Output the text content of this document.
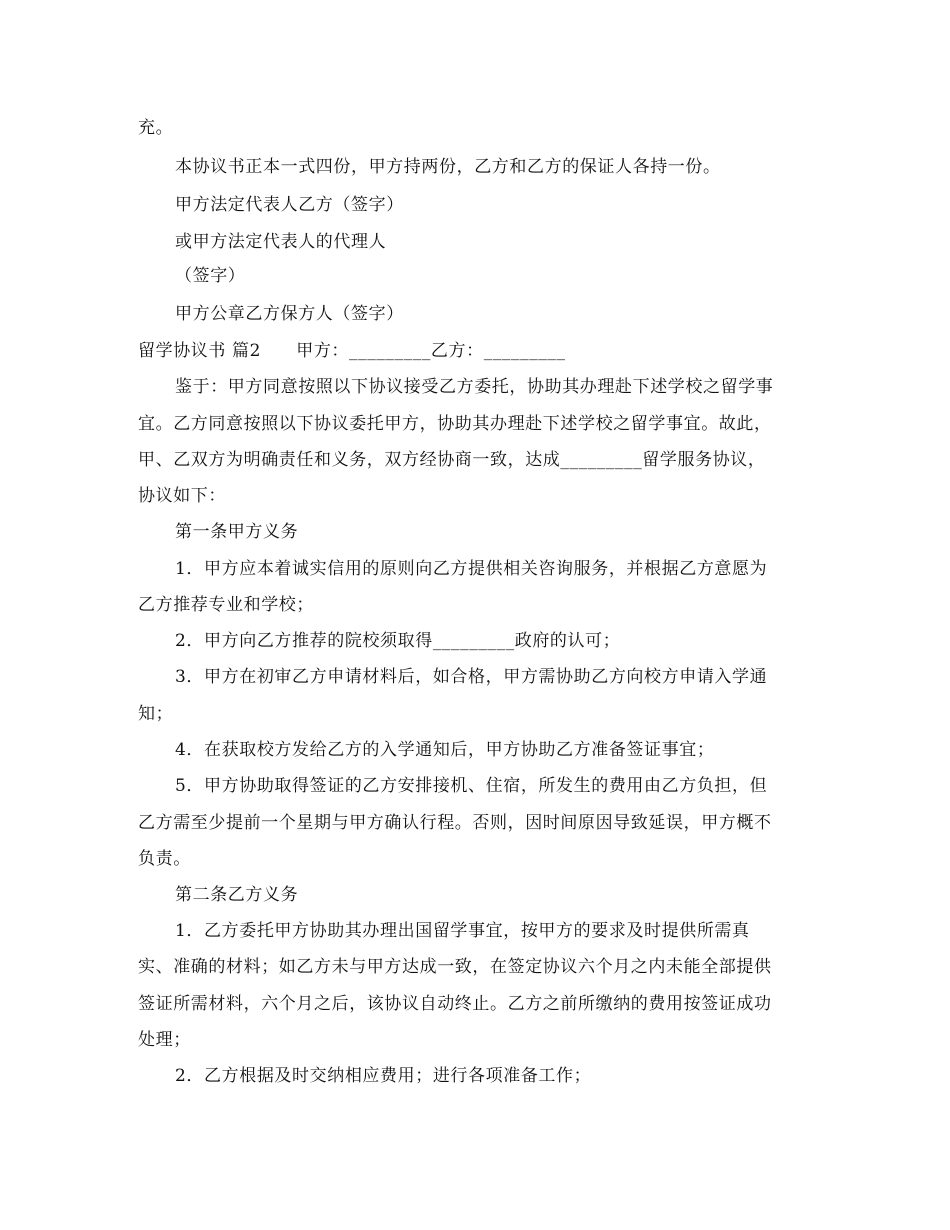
充。
本协议书正本一式四份，甲方持两份，乙方和乙方的保证人各持一份。
甲方法定代表人乙方（签字）
或甲方法定代表人的代理人
（签字）
甲方公章乙方保方人（签字）
留学协议书 篇2　　甲方：_________乙方：_________
鉴于：甲方同意按照以下协议接受乙方委托，协助其办理赴下述学校之留学事
宜。乙方同意按照以下协议委托甲方，协助其办理赴下述学校之留学事宜。故此，
甲、乙双方为明确责任和义务，双方经协商一致，达成_________留学服务协议，
协议如下：
第一条甲方义务
1．甲方应本着诚实信用的原则向乙方提供相关咨询服务，并根据乙方意愿为
乙方推荐专业和学校；
2．甲方向乙方推荐的院校须取得_________政府的认可；
3．甲方在初审乙方申请材料后，如合格，甲方需协助乙方向校方申请入学通
知；
4．在获取校方发给乙方的入学通知后，甲方协助乙方准备签证事宜；
5．甲方协助取得签证的乙方安排接机、住宿，所发生的费用由乙方负担，但
乙方需至少提前一个星期与甲方确认行程。否则，因时间原因导致延误，甲方概不
负责。
第二条乙方义务
1．乙方委托甲方协助其办理出国留学事宜，按甲方的要求及时提供所需真
实、准确的材料；如乙方未与甲方达成一致，在签定协议六个月之内未能全部提供
签证所需材料，六个月之后，该协议自动终止。乙方之前所缴纳的费用按签证成功
处理；
2．乙方根据及时交纳相应费用；进行各项准备工作；
